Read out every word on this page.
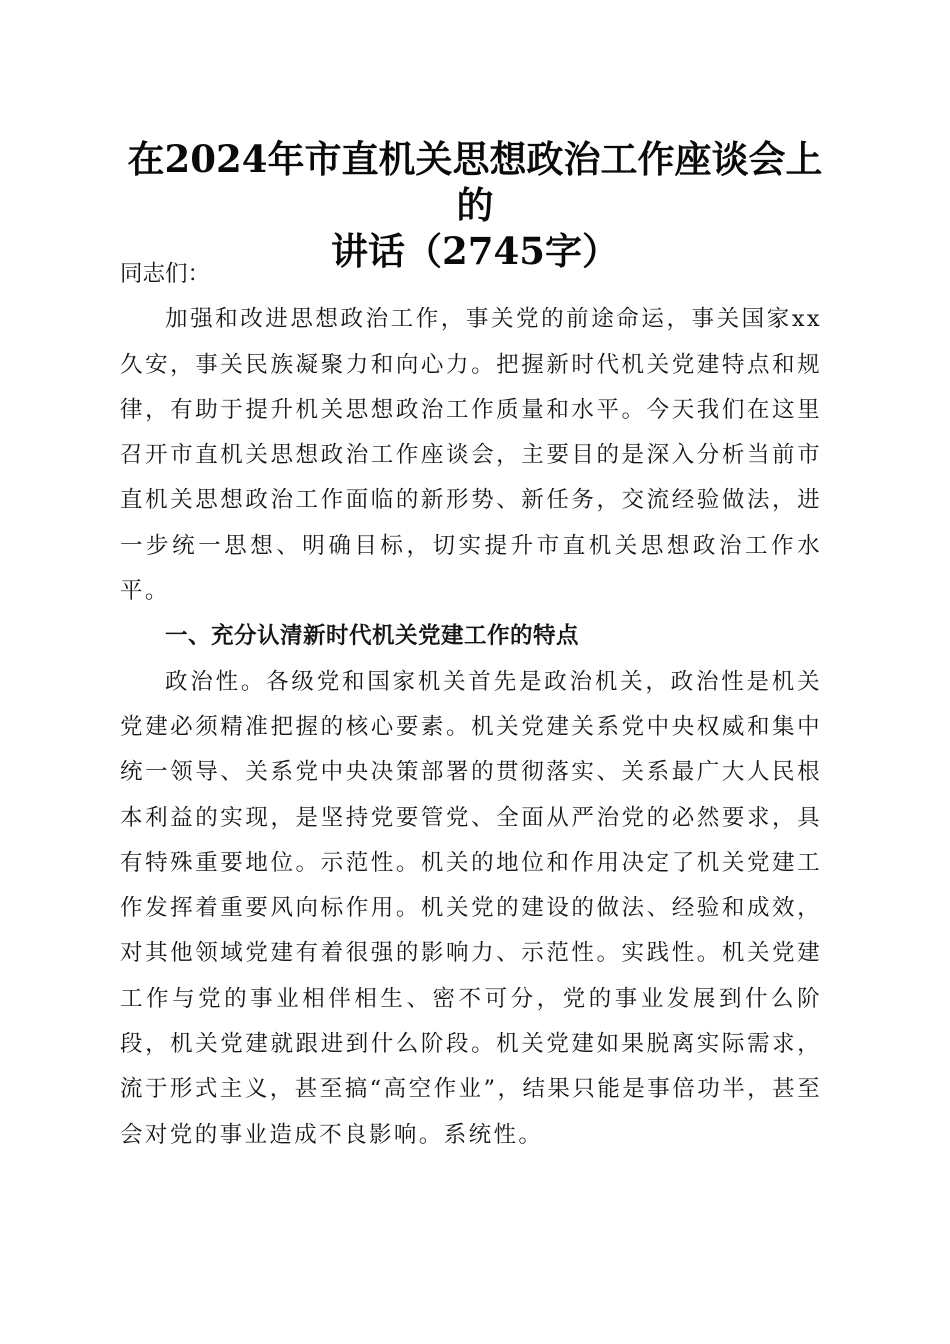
在2024年市直机关思想政治工作座谈会上的
讲话（2745字）

同志们：

加强和改进思想政治工作，事关党的前途命运，事关国家xx久安，事关民族凝聚力和向心力。把握新时代机关党建特点和规律，有助于提升机关思想政治工作质量和水平。今天我们在这里召开市直机关思想政治工作座谈会，主要目的是深入分析当前市直机关思想政治工作面临的新形势、新任务，交流经验做法，进一步统一思想、明确目标，切实提升市直机关思想政治工作水平。

一、充分认清新时代机关党建工作的特点

政治性。各级党和国家机关首先是政治机关，政治性是机关党建必须精准把握的核心要素。机关党建关系党中央权威和集中统一领导、关系党中央决策部署的贯彻落实、关系最广大人民根本利益的实现，是坚持党要管党、全面从严治党的必然要求，具有特殊重要地位。示范性。机关的地位和作用决定了机关党建工作发挥着重要风向标作用。机关党的建设的做法、经验和成效，对其他领域党建有着很强的影响力、示范性。实践性。机关党建工作与党的事业相伴相生、密不可分，党的事业发展到什么阶段，机关党建就跟进到什么阶段。机关党建如果脱离实际需求，流于形式主义，甚至搞“高空作业”，结果只能是事倍功半，甚至会对党的事业造成不良影响。系统性。
